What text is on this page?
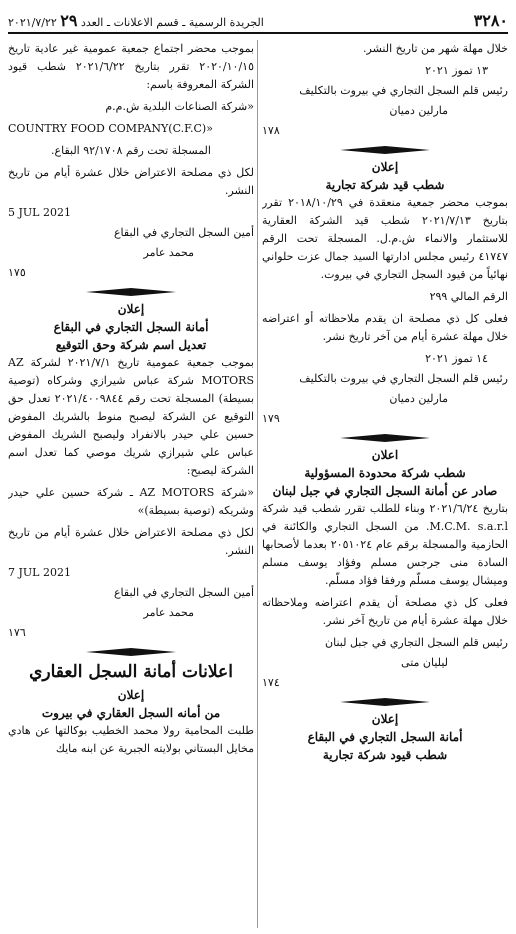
٣٢٨٠
الجريدة الرسمية ـ قسم الاعلانات ـ العدد ٢٩ ٢٠٢١/٧/٢٢

خلال مهلة شهر من تاريخ النشر.

١٣ تموز ٢٠٢١

رئيس قلم السجل التجاري في بيروت بالتكليف

مارلين دميان

١٧٨

إعلان
شطب قيد شركة تجارية

بموجب محضر جمعية منعقدة في ٢٠١٨/١٠/٢٩ تقرر بتاريخ ٢٠٢١/٧/١٣ شطب قيد الشركة العقارية للاستثمار والانماء ش.م.ل. المسجلة تحت الرقم ٤١٧٤٧ رئيس مجلس ادارتها السيد جمال عزت حلواني نهائياً من قيود السجل التجاري في بيروت.

الرقم المالي ٢٩٩

فعلى كل ذي مصلحة ان يقدم ملاحظاته أو اعتراضه خلال مهلة عشرة أيام من آخر تاريخ نشر.

١٤ تموز ٢٠٢١

رئيس قلم السجل التجاري في بيروت بالتكليف

مارلين دميان

١٧٩

اعلان
شطب شركة محدودة المسؤولية
صادر عن أمانة السجل التجاري في جبل لبنان

بتاريخ ٢٠٢١/٦/٢٤ وبناء للطلب تقرر شطب قيد شركة M.C.M. s.a.r.l. من السجل التجاري والكائنة في الحازمية والمسجلة برقم عام ٢٠٥١٠٢٤ بعدما لأصحابها السادة منى جرجس مسلم وفؤاد يوسف مسلم وميشال يوسف مسلّم ورفقا فؤاد مسلّم.

فعلى كل ذي مصلحة أن يقدم اعتراضه وملاحظاته خلال مهلة عشرة أيام من تاريخ آخر نشر.

رئيس قلم السجل التجاري في جبل لبنان

ليليان متى

١٧٤

إعلان
أمانة السجل التجاري في البقاع
شطب قيود شركة تجارية

بموجب محضر اجتماع جمعية عمومية غير عادية تاريخ ٢٠٢٠/١٠/١٥ تقرر بتاريخ ٢٠٢١/٦/٢٢ شطب قيود الشركة المعروفة باسم:

«شركة الصناعات البلدية ش.م.م

COUNTRY FOOD COMPANY(C.F.C)»

المسجلة تحت رقم ٩٢/١٧٠٨ البقاع.

لكل ذي مصلحة الاعتراض خلال عشرة أيام من تاريخ النشر.

5 JUL 2021

أمين السجل التجاري في البقاع

محمد عامر

١٧٥

إعلان
أمانة السجل التجاري في البقاع
تعديل اسم شركة وحق التوقيع

بموجب جمعية عمومية تاريخ ٢٠٢١/٧/١ لشركة AZ MOTORS شركة عباس شيرازي وشركاه (توصية بسيطة) المسجلة تحت رقم ٢٠٢١/٤٠٠٩٨٤٤ تعدل حق التوقيع عن الشركة ليصبح منوط بالشريك المفوض حسين علي حيدر بالانفراد وليصبح الشريك المفوض عباس علي شيرازي شريك موصي كما تعدل اسم الشركة ليصبح:

«شركة AZ MOTORS ـ شركة حسين علي حيدر وشريكه (توصية بسيطة)»

لكل ذي مصلحة الاعتراض خلال عشرة أيام من تاريخ النشر.

7 JUL 2021

أمين السجل التجاري في البقاع

محمد عامر

١٧٦

اعلانات أمانة السجل العقاري
إعلان
من أمانه السجل العقاري في بيروت

طلبت المحامية رولا محمد الخطيب بوكالتها عن هادي مخايل البستاني بولايته الجبرية عن ابنه مايك
